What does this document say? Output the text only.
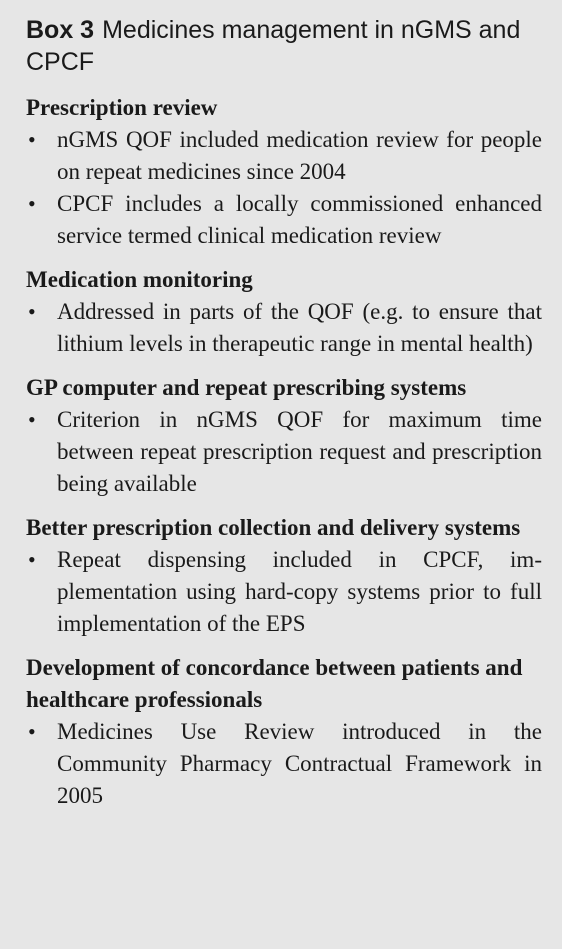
Box 3 Medicines management in nGMS and CPCF
Prescription review
• nGMS QOF included medication review for people on repeat medicines since 2004
• CPCF includes a locally commissioned enhanced service termed clinical medication review
Medication monitoring
• Addressed in parts of the QOF (e.g. to ensure that lithium levels in therapeutic range in mental health)
GP computer and repeat prescribing systems
• Criterion in nGMS QOF for maximum time between repeat prescription request and prescription being available
Better prescription collection and delivery systems
• Repeat dispensing included in CPCF, implementation using hard-copy systems prior to full implementation of the EPS
Development of concordance between patients and healthcare professionals
• Medicines Use Review introduced in the Community Pharmacy Contractual Framework in 2005
